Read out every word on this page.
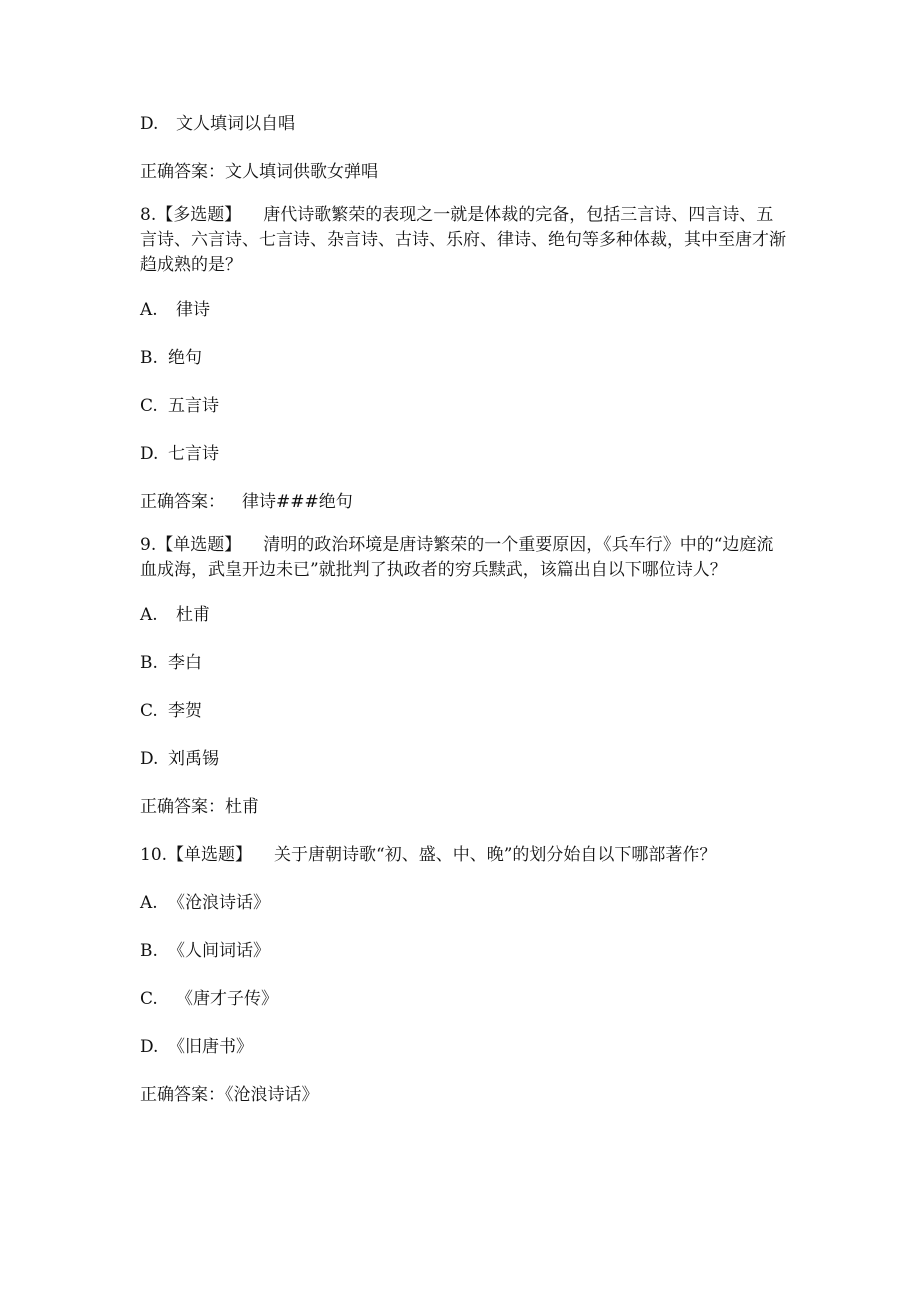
D. 文人填词以自唱
正确答案：文人填词供歌女弹唱
8.【多选题】 唐代诗歌繁荣的表现之一就是体裁的完备，包括三言诗、四言诗、五言诗、六言诗、七言诗、杂言诗、古诗、乐府、律诗、绝句等多种体裁，其中至唐才渐趋成熟的是？
A. 律诗
B. 绝句
C. 五言诗
D. 七言诗
正确答案： 律诗###绝句
9.【单选题】 清明的政治环境是唐诗繁荣的一个重要原因，《兵车行》中的“边庭流血成海，武皇开边未已”就批判了执政者的穷兵黩武，该篇出自以下哪位诗人？
A. 杜甫
B. 李白
C. 李贺
D. 刘禹锡
正确答案：杜甫
10.【单选题】 关于唐朝诗歌“初、盛、中、晚”的划分始自以下哪部著作？
A. 《沧浪诗话》
B. 《人间词话》
C. 《唐才子传》
D. 《旧唐书》
正确答案：《沧浪诗话》
